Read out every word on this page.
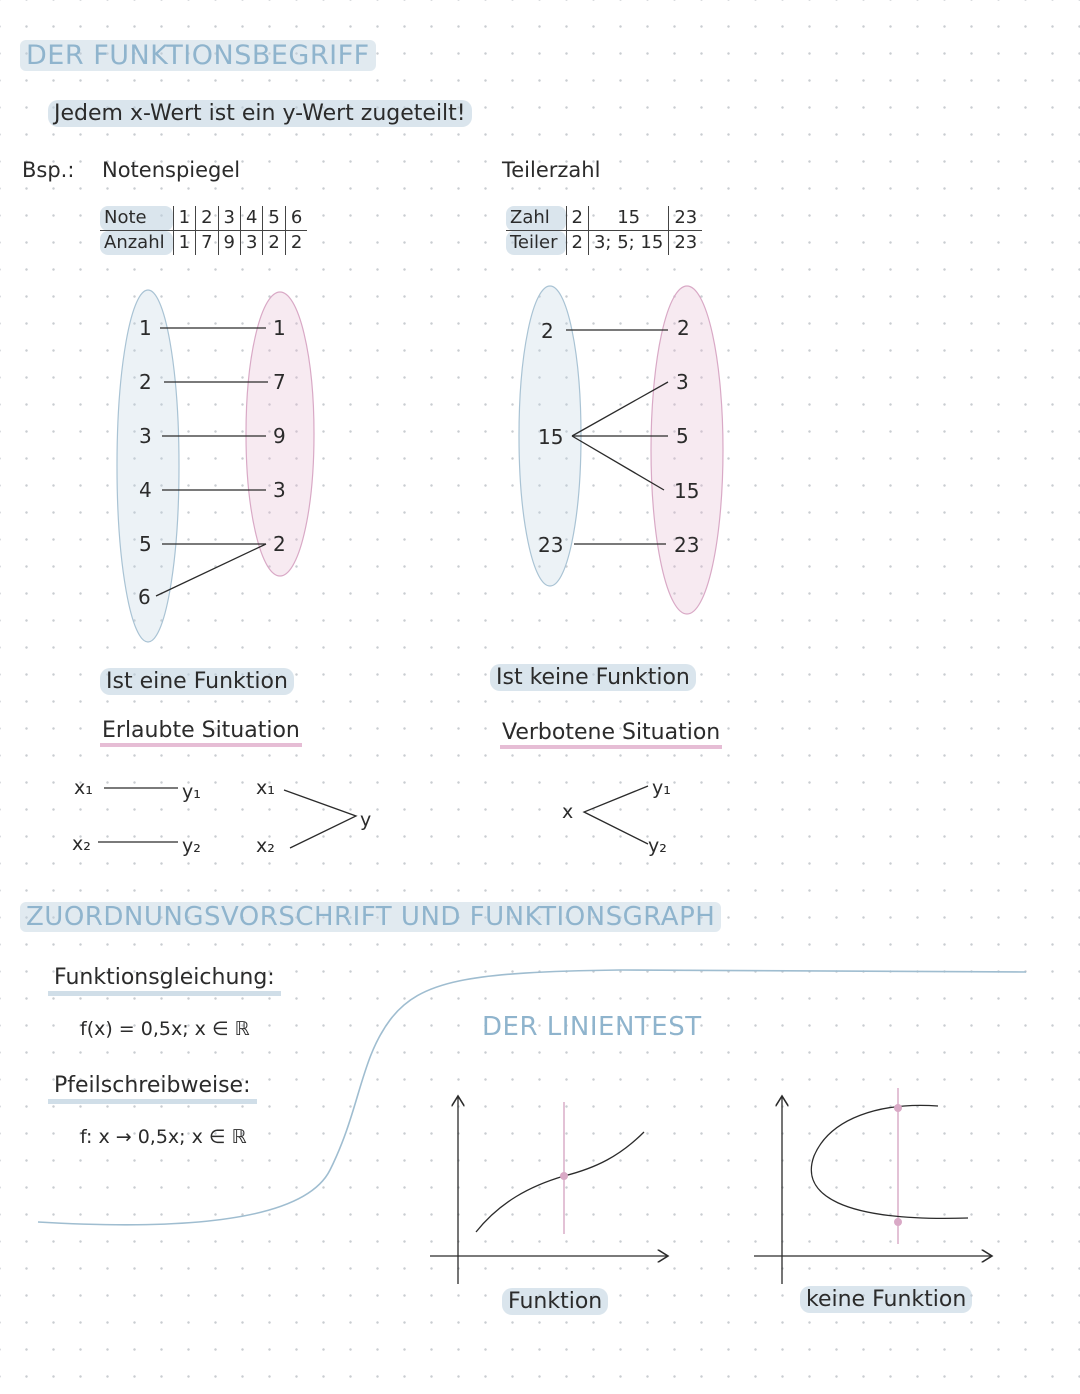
DER FUNKTIONSBEGRIFF
Jedem x-Wert ist ein y-Wert zugeteilt!
Bsp.: Notenspiegel	Teilerzahl
Note	1	2	3	4	5	6
Anzahl	1	7	9	3	2	2
Zahl	2	15	23
Teiler	2	3; 5; 15	23
1
2
3
4
5
6
1
7
9
3
2
2
15
23
2
3
5
15
23
Ist eine Funktion	Ist keine Funktion
Erlaubte Situation	Verbotene Situation
x₁	y₁
x₂	y₂
x₁
x₂
y	x
y₁
y₂
ZUORDNUNGSVORSCHRIFT UND FUNKTIONSGRAPH
Funktionsgleichung:
f(x) = 0,5x; x ∈ ℝ
Pfeilschreibweise:
f: x → 0,5x; x ∈ ℝ
DER LINIENTEST
Funktion	keine Funktion
